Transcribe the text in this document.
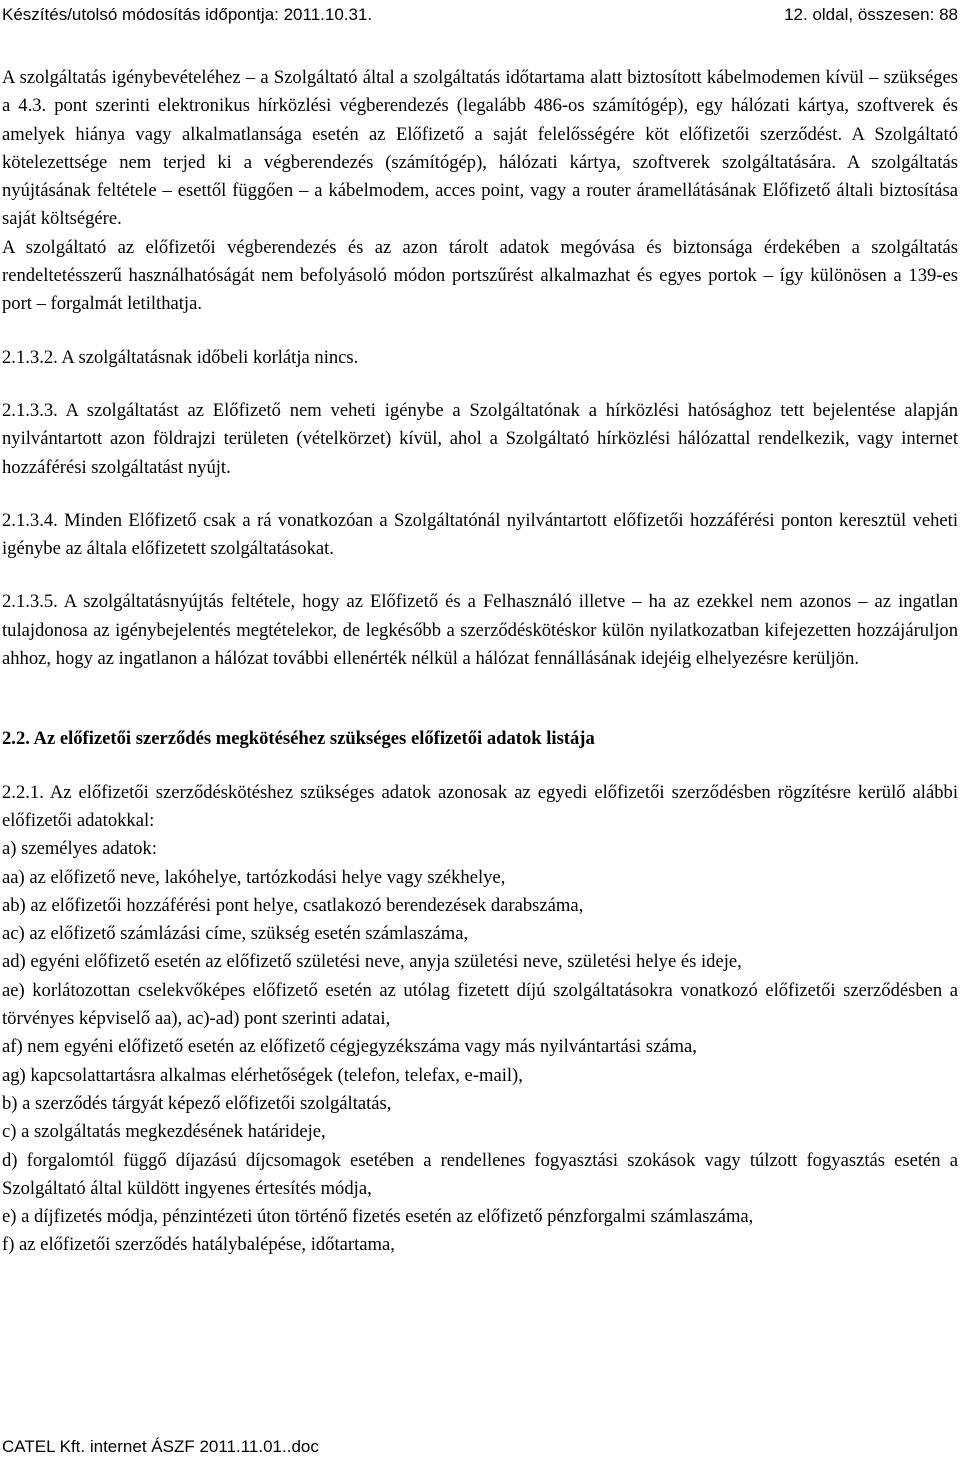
Készítés/utolsó módosítás időpontja: 2011.10.31.	12. oldal, összesen: 88

A szolgáltatás igénybevételéhez – a Szolgáltató által a szolgáltatás időtartama alatt biztosított kábelmodemen kívül – szükséges a 4.3. pont szerinti elektronikus hírközlési végberendezés (legalább 486-os számítógép), egy hálózati kártya, szoftverek és amelyek hiánya vagy alkalmatlansága esetén az Előfizető a saját felelősségére köt előfizetői szerződést. A Szolgáltató kötelezettsége nem terjed ki a végberendezés (számítógép), hálózati kártya, szoftverek szolgáltatására. A szolgáltatás nyújtásának feltétele – esettől függően – a kábelmodem, acces point, vagy a router áramellátásának Előfizető általi biztosítása saját költségére.

A szolgáltató az előfizetői végberendezés és az azon tárolt adatok megóvása és biztonsága érdekében a szolgáltatás rendeltetésszerű használhatóságát nem befolyásoló módon portszűrést alkalmazhat és egyes portok – így különösen a 139-es port – forgalmát letilthatja.

2.1.3.2. A szolgáltatásnak időbeli korlátja nincs.

2.1.3.3. A szolgáltatást az Előfizető nem veheti igénybe a Szolgáltatónak a hírközlési hatósághoz tett bejelentése alapján nyilvántartott azon földrajzi területen (vételkörzet) kívül, ahol a Szolgáltató hírközlési hálózattal rendelkezik, vagy internet hozzáférési szolgáltatást nyújt.

2.1.3.4. Minden Előfizető csak a rá vonatkozóan a Szolgáltatónál nyilvántartott előfizetői hozzáférési ponton keresztül veheti igénybe az általa előfizetett szolgáltatásokat.

2.1.3.5. A szolgáltatásnyújtás feltétele, hogy az Előfizető és a Felhasználó illetve – ha az ezekkel nem azonos – az ingatlan tulajdonosa az igénybejelentés megtételekor, de legkésőbb a szerződéskötéskor külön nyilatkozatban kifejezetten hozzájáruljon ahhoz, hogy az ingatlanon a hálózat további ellenérték nélkül a hálózat fennállásának idejéig elhelyezésre kerüljön.

2.2. Az előfizetői szerződés megkötéséhez szükséges előfizetői adatok listája

2.2.1. Az előfizetői szerződéskötéshez szükséges adatok azonosak az egyedi előfizetői szerződésben rögzítésre kerülő alábbi előfizetői adatokkal:

a) személyes adatok:

aa) az előfizető neve, lakóhelye, tartózkodási helye vagy székhelye,

ab) az előfizetői hozzáférési pont helye, csatlakozó berendezések darabszáma,

ac) az előfizető számlázási címe, szükség esetén számlaszáma,

ad) egyéni előfizető esetén az előfizető születési neve, anyja születési neve, születési helye és ideje,

ae) korlátozottan cselekvőképes előfizető esetén az utólag fizetett díjú szolgáltatásokra vonatkozó előfizetői szerződésben a törvényes képviselő aa), ac)-ad) pont szerinti adatai,

af) nem egyéni előfizető esetén az előfizető cégjegyzékszáma vagy más nyilvántartási száma,

ag) kapcsolattartásra alkalmas elérhetőségek (telefon, telefax, e-mail),

b) a szerződés tárgyát képező előfizetői szolgáltatás,

c) a szolgáltatás megkezdésének határideje,

d) forgalomtól függő díjazású díjcsomagok esetében a rendellenes fogyasztási szokások vagy túlzott fogyasztás esetén a Szolgáltató által küldött ingyenes értesítés módja,

e) a díjfizetés módja, pénzintézeti úton történő fizetés esetén az előfizető pénzforgalmi számlaszáma,

f) az előfizetői szerződés hatálybalépése, időtartama,

CATEL Kft. internet ÁSZF 2011.11.01..doc
